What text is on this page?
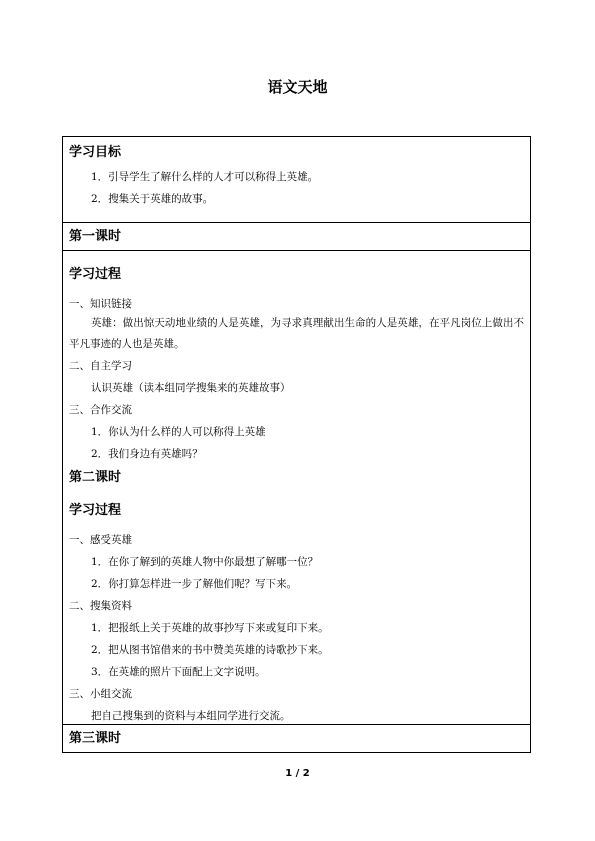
语文天地
学习目标
1．引导学生了解什么样的人才可以称得上英雄。
2．搜集关于英雄的故事。
第一课时
学习过程
一、知识链接
英雄：做出惊天动地业绩的人是英雄，为寻求真理献出生命的人是英雄，在平凡岗位上做出不平凡事迹的人也是英雄。
二、自主学习
认识英雄（读本组同学搜集来的英雄故事）
三、合作交流
1．你认为什么样的人可以称得上英雄
2．我们身边有英雄吗？
第二课时
学习过程
一、感受英雄
1．在你了解到的英雄人物中你最想了解哪一位？
2．你打算怎样进一步了解他们呢？写下来。
二、搜集资料
1．把报纸上关于英雄的故事抄写下来或复印下来。
2．把从图书馆借来的书中赞美英雄的诗歌抄下来。
3．在英雄的照片下面配上文字说明。
三、小组交流
把自己搜集到的资料与本组同学进行交流。
第三课时
1 / 2
